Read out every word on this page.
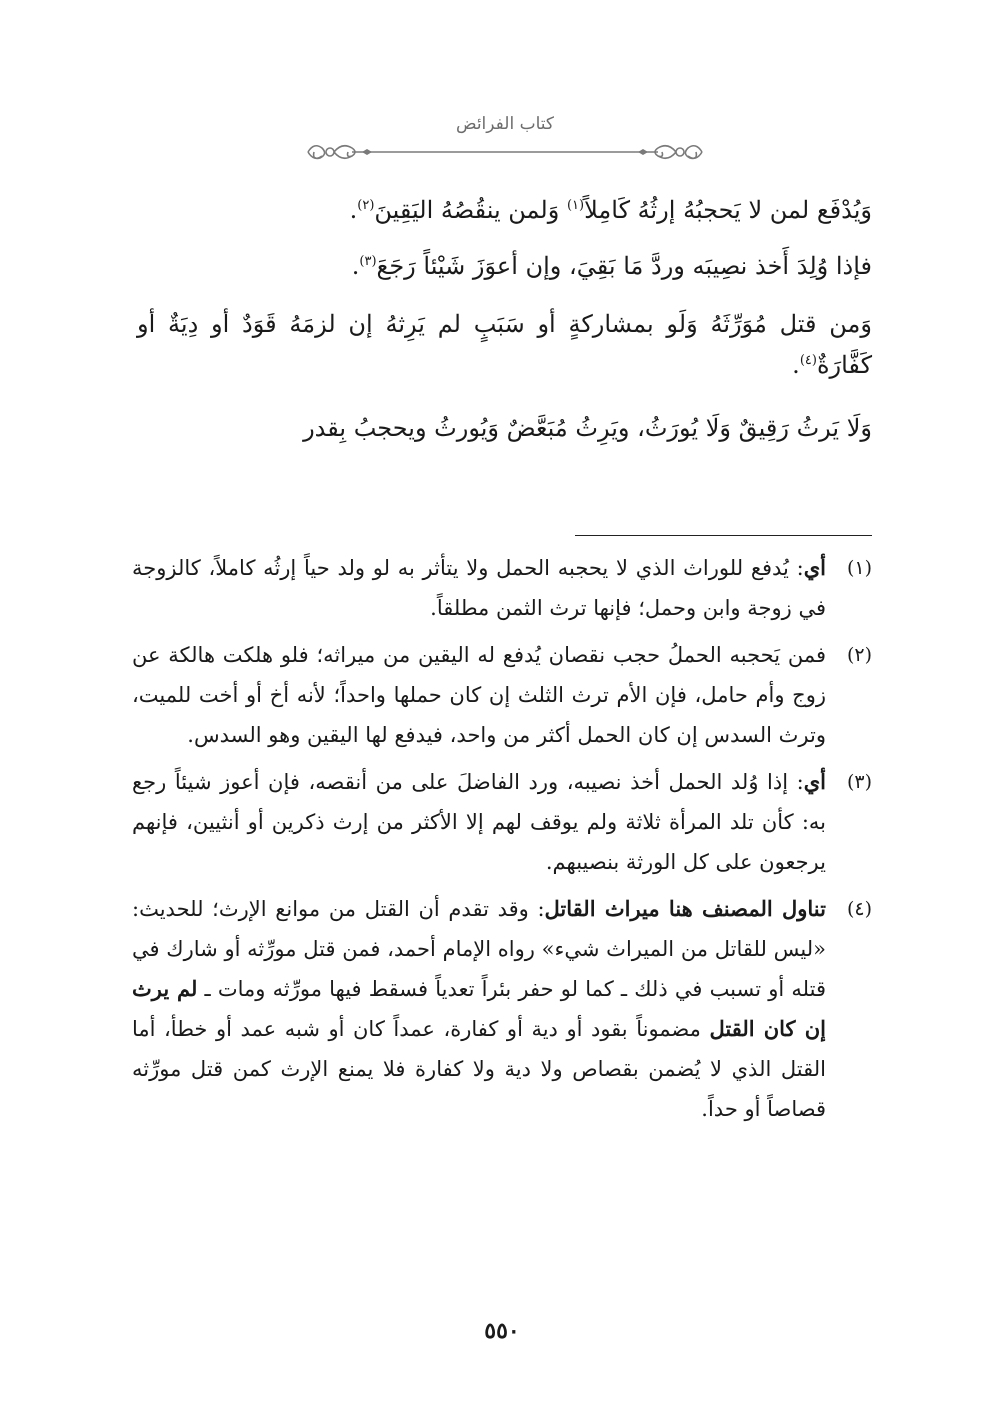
كتاب الفرائض

وَيُدْفَع لمن لا يَحجبُهُ إرثُهُ كَامِلاً$^{(١)}$ وَلمن ينقُصُهُ اليَقِينَ$^{(٢)}$.

فإذا وُلِدَ أَخذ نصِيبَه وردَّ مَا بَقِيَ، وإن أعوَزَ شَيْئاً رَجَعَ$^{(٣)}$.

وَمن قتل مُوَرِّثَهُ وَلَو بمشاركةٍ أو سَبَبٍ لم يَرِثهُ إن لزمَهُ قَوَدٌ أو دِيَةٌ أو كَفَّارَةٌ$^{(٤)}$.

وَلَا يَرثُ رَقِيقٌ وَلَا يُورَثُ، ويَرِثُ مُبَعَّضٌ وَيُورثُ ويحجبُ بِقدر

(١)
أي: يُدفع للوراث الذي لا يحجبه الحمل ولا يتأثر به لو ولد حياً إرثُه كاملاً، كالزوجة في زوجة وابن وحمل؛ فإنها ترث الثمن مطلقاً.
(٢)
فمن يَحجبه الحملُ حجب نقصان يُدفع له اليقين من ميراثه؛ فلو هلكت هالكة عن زوج وأم حامل، فإن الأم ترث الثلث إن كان حملها واحداً؛ لأنه أخ أو أخت للميت، وترث السدس إن كان الحمل أكثر من واحد، فيدفع لها اليقين وهو السدس.
(٣)
أي: إذا وُلد الحمل أخذ نصيبه، ورد الفاضلَ على من أنقصه، فإن أعوز شيئاً رجع به: كأن تلد المرأة ثلاثة ولم يوقف لهم إلا الأكثر من إرث ذكرين أو أنثيين، فإنهم يرجعون على كل الورثة بنصيبهم.
(٤)
تناول المصنف هنا ميراث القاتل: وقد تقدم أن القتل من موانع الإرث؛ للحديث: «ليس للقاتل من الميراث شيء» رواه الإمام أحمد، فمن قتل مورِّثه أو شارك في قتله أو تسبب في ذلك ـ كما لو حفر بئراً تعدياً فسقط فيها مورِّثه ومات ـ لم يرث إن كان القتل مضموناً بقود أو دية أو كفارة، عمداً كان أو شبه عمد أو خطأ، أما القتل الذي لا يُضمن بقصاص ولا دية ولا كفارة فلا يمنع الإرث كمن قتل مورِّثه قصاصاً أو حداً.
٥٥٠
